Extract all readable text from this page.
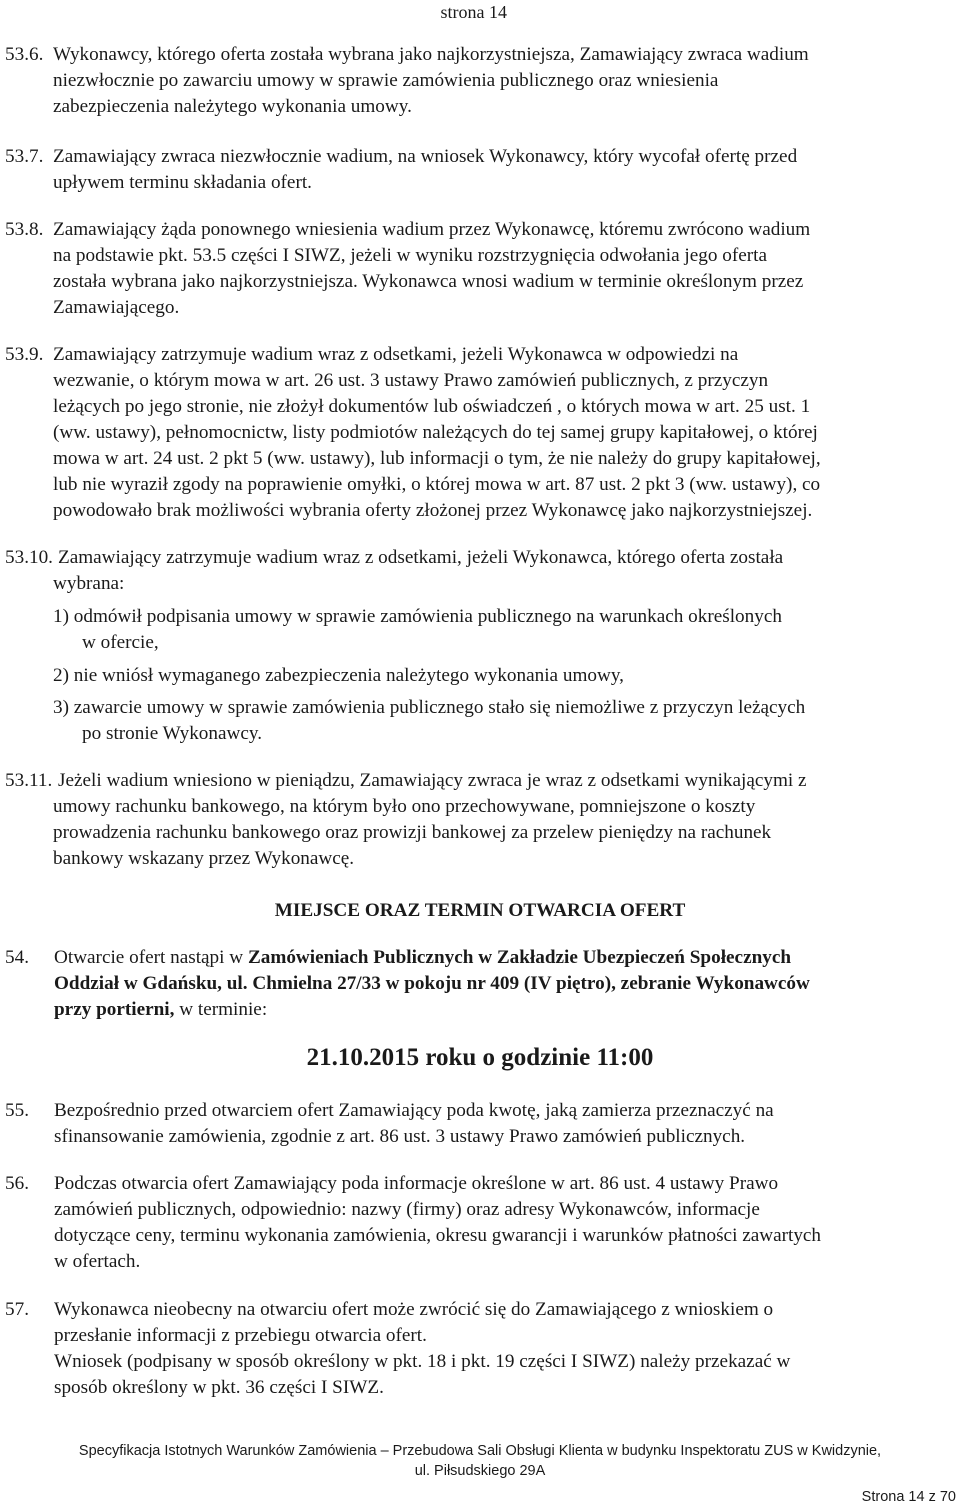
strona 14
53.6. Wykonawcy, którego oferta została wybrana jako najkorzystniejsza, Zamawiający zwraca wadium
niezwłocznie po zawarciu umowy w sprawie zamówienia publicznego oraz wniesienia
zabezpieczenia należytego wykonania umowy.
53.7. Zamawiający zwraca niezwłocznie wadium, na wniosek Wykonawcy, który wycofał ofertę przed
upływem terminu składania ofert.
53.8. Zamawiający żąda ponownego wniesienia wadium przez Wykonawcę, któremu zwrócono wadium
na podstawie pkt. 53.5 części I SIWZ, jeżeli w wyniku rozstrzygnięcia odwołania jego oferta
została wybrana jako najkorzystniejsza. Wykonawca wnosi wadium w terminie określonym przez
Zamawiającego.
53.9. Zamawiający zatrzymuje wadium wraz z odsetkami, jeżeli Wykonawca w odpowiedzi na
wezwanie, o którym mowa w art. 26 ust. 3 ustawy Prawo zamówień publicznych, z przyczyn
leżących po jego stronie, nie złożył dokumentów lub oświadczeń , o których mowa w art. 25 ust. 1
(ww. ustawy), pełnomocnictw, listy podmiotów należących do tej samej grupy kapitałowej, o której
mowa w art. 24 ust. 2 pkt 5 (ww. ustawy), lub informacji o tym, że nie należy do grupy kapitałowej,
lub nie wyraził zgody na poprawienie omyłki, o której mowa w art. 87 ust. 2 pkt 3 (ww. ustawy), co
powodowało brak możliwości wybrania oferty złożonej przez Wykonawcę jako najkorzystniejszej.
53.10. Zamawiający zatrzymuje wadium wraz z odsetkami, jeżeli Wykonawca, którego oferta została
wybrana:
1) odmówił podpisania umowy w sprawie zamówienia publicznego na warunkach określonych
w ofercie,
2) nie wniósł wymaganego zabezpieczenia należytego wykonania umowy,
3) zawarcie umowy w sprawie zamówienia publicznego stało się niemożliwe z przyczyn leżących
po stronie Wykonawcy.
53.11. Jeżeli wadium wniesiono w pieniądzu, Zamawiający zwraca je wraz z odsetkami wynikającymi z
umowy rachunku bankowego, na którym było ono przechowywane, pomniejszone o koszty
prowadzenia rachunku bankowego oraz prowizji bankowej za przelew pieniędzy na rachunek
bankowy wskazany przez Wykonawcę.
MIEJSCE ORAZ TERMIN OTWARCIA OFERT
54. Otwarcie ofert nastąpi w Zamówieniach Publicznych w Zakładzie Ubezpieczeń Społecznych
Oddział w Gdańsku, ul. Chmielna 27/33 w pokoju nr 409 (IV piętro), zebranie Wykonawców
przy portierni, w terminie:
21.10.2015 roku o godzinie 11:00
55. Bezpośrednio przed otwarciem ofert Zamawiający poda kwotę, jaką zamierza przeznaczyć na
sfinansowanie zamówienia, zgodnie z art. 86 ust. 3 ustawy Prawo zamówień publicznych.
56. Podczas otwarcia ofert Zamawiający poda informacje określone w art. 86 ust. 4 ustawy Prawo
zamówień publicznych, odpowiednio: nazwy (firmy) oraz adresy Wykonawców, informacje
dotyczące ceny, terminu wykonania zamówienia, okresu gwarancji i warunków płatności zawartych
w ofertach.
57. Wykonawca nieobecny na otwarciu ofert może zwrócić się do Zamawiającego z wnioskiem o
przesłanie informacji z przebiegu otwarcia ofert.
Wniosek (podpisany w sposób określony w pkt. 18 i pkt. 19 części I SIWZ) należy przekazać w
sposób określony w pkt. 36 części I SIWZ.
Specyfikacja Istotnych Warunków Zamówienia – Przebudowa Sali Obsługi Klienta w budynku Inspektoratu ZUS w Kwidzynie,
ul. Piłsudskiego 29A
Strona 14 z 70
